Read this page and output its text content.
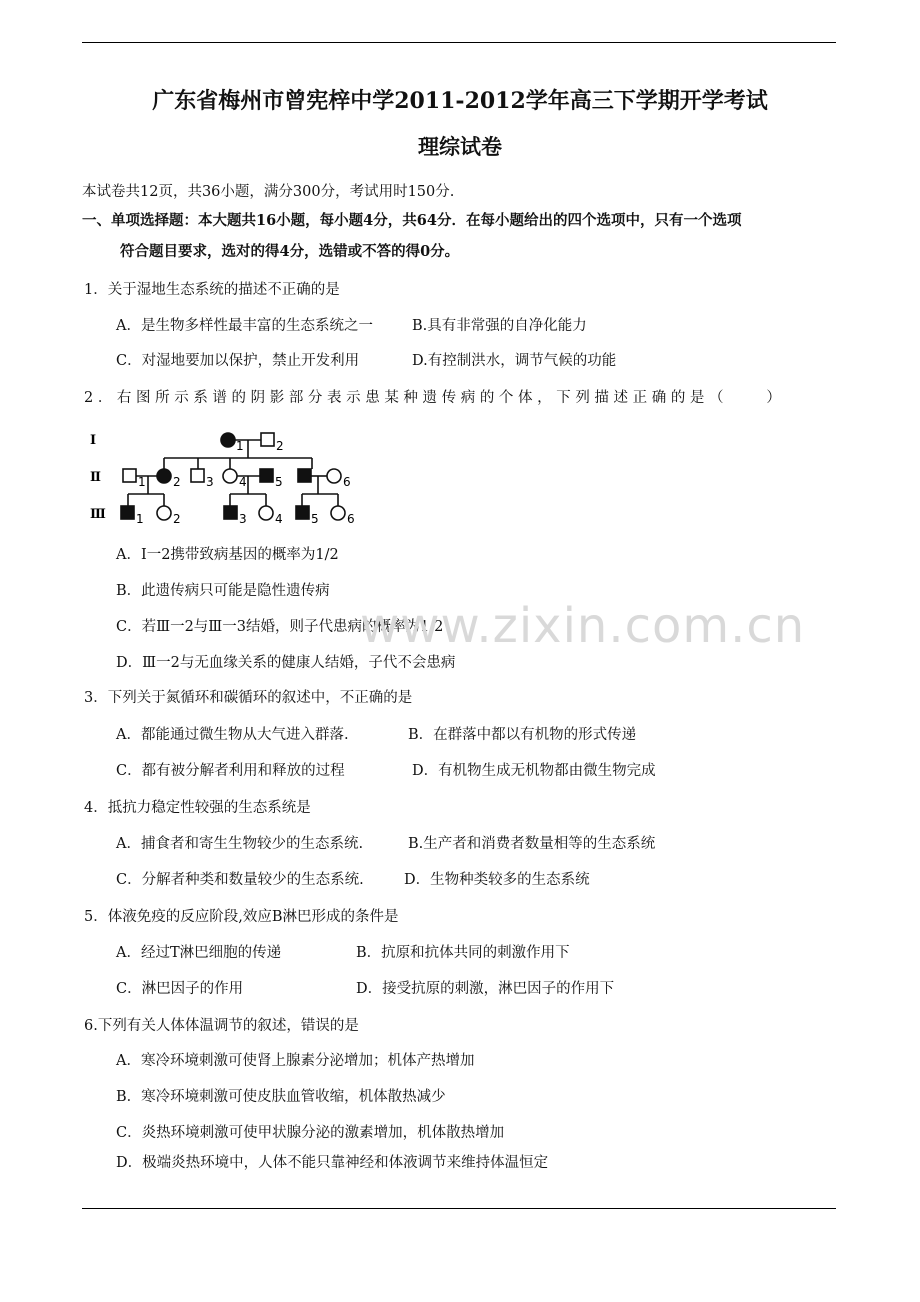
广东省梅州市曾宪梓中学2011-2012学年高三下学期开学考试
理综试卷
本试卷共12页，共36小题，满分300分，考试用时150分.
一、单项选择题：本大题共16小题，每小题4分，共64分．在每小题给出的四个选项中，只有一个选项
符合题目要求，选对的得4分，选错或不答的得0分。
1．关于湿地生态系统的描述不正确的是
A．是生物多样性最丰富的生态系统之一	B.具有非常强的自净化能力
C．对湿地要加以保护，禁止开发利用	D.有控制洪水，调节气候的功能
2．右图所示系谱的阴影部分表示患某种遗传病的个体，下列描述正确的是（　　）
Ⅰ
Ⅱ
Ⅲ
1	2
1 2 3 4 5	6
1 2	3 4 5 6
A．I一2携带致病基因的概率为1/2
B．此遗传病只可能是隐性遗传病
C．若Ⅲ一2与Ⅲ一3结婚，则子代患病的概率为1/2
D．Ⅲ一2与无血缘关系的健康人结婚，子代不会患病
www.zixin.com.cn
3．下列关于氮循环和碳循环的叙述中，不正确的是
A．都能通过微生物从大气进入群落.	B．在群落中都以有机物的形式传递
C．都有被分解者利用和释放的过程	D．有机物生成无机物都由微生物完成
4．抵抗力稳定性较强的生态系统是
A．捕食者和寄生生物较少的生态系统.	B.生产者和消费者数量相等的生态系统
C．分解者种类和数量较少的生态系统.	D．生物种类较多的生态系统
5．体液免疫的反应阶段,效应B淋巴形成的条件是
A．经过T淋巴细胞的传递	B．抗原和抗体共同的刺激作用下
C．淋巴因子的作用	D．接受抗原的刺激，淋巴因子的作用下
6.下列有关人体体温调节的叙述，错误的是
A．寒冷环境刺激可使肾上腺素分泌增加；机体产热增加
B．寒冷环境刺激可使皮肤血管收缩，机体散热减少
C．炎热环境刺激可使甲状腺分泌的激素增加，机体散热增加
D．极端炎热环境中，人体不能只靠神经和体液调节来维持体温恒定
